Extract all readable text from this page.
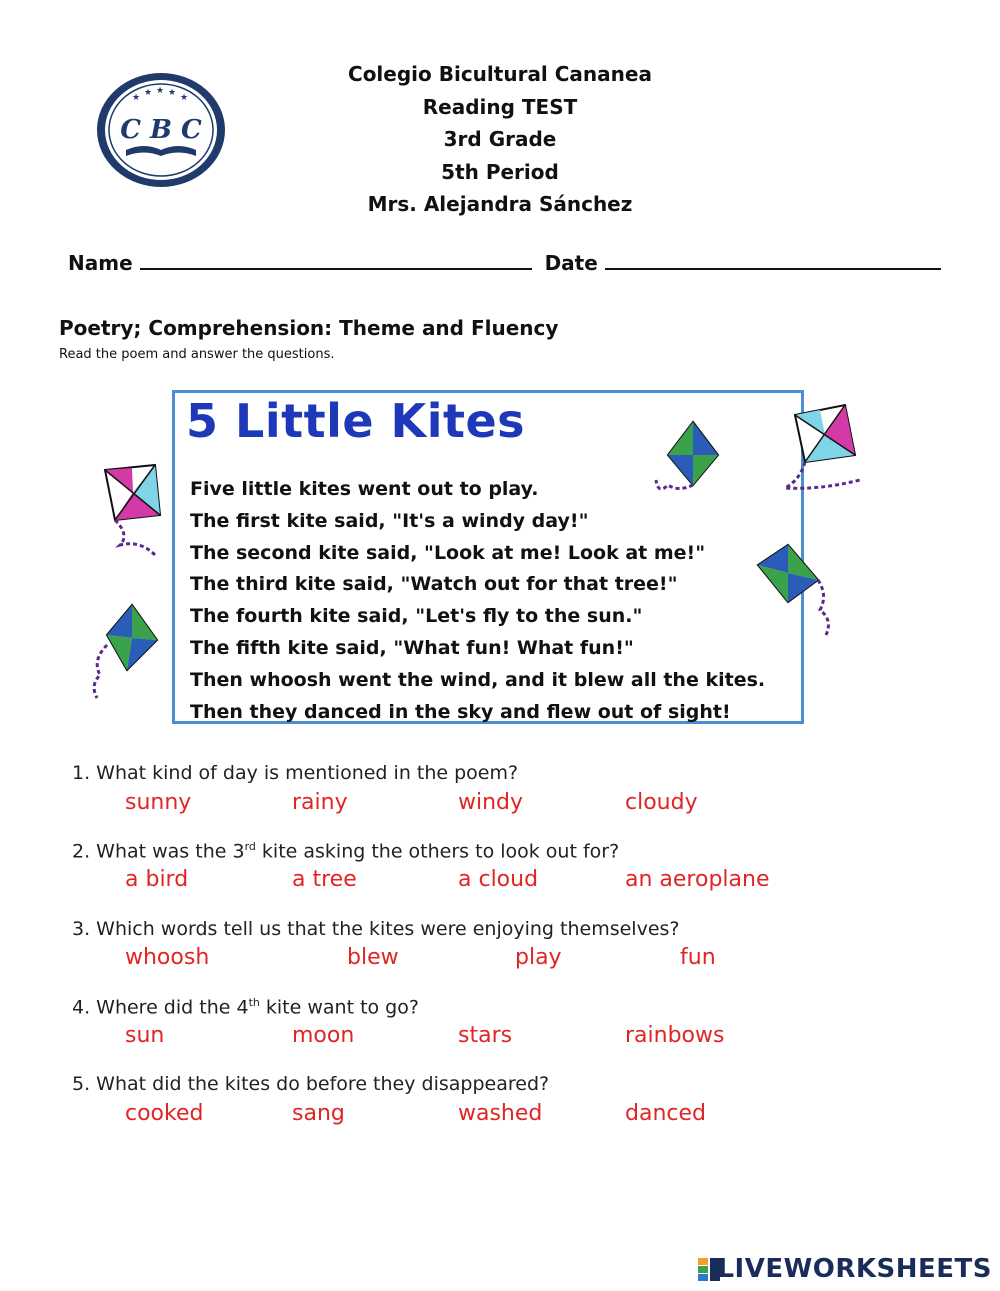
★ ★ ★ ★ ★
C B C
Colegio Bicultural Cananea
Reading TEST
3rd Grade
5th Period
Mrs. Alejandra Sánchez
Name	Date
Poetry; Comprehension: Theme and Fluency
Read the poem and answer the questions.
5 Little Kites
Five little kites went out to play.
The first kite said, "It's a windy day!"
The second kite said, "Look at me! Look at me!"
The third kite said, "Watch out for that tree!"
The fourth kite said, "Let's fly to the sun."
The fifth kite said, "What fun! What fun!"
Then whoosh went the wind, and it blew all the kites.
Then they danced in the sky and flew out of sight!
1. What kind of day is mentioned in the poem?
sunny	rainy	windy	cloudy
2. What was the 3rd kite asking the others to look out for?
a bird	a tree	a cloud	an aeroplane
3. Which words tell us that the kites were enjoying themselves?
whoosh	blew	play	fun
4. Where did the 4th kite want to go?
sun	moon	stars	rainbows
5. What did the kites do before they disappeared?
cooked	sang	washed	danced
LIVEWORKSHEETS
